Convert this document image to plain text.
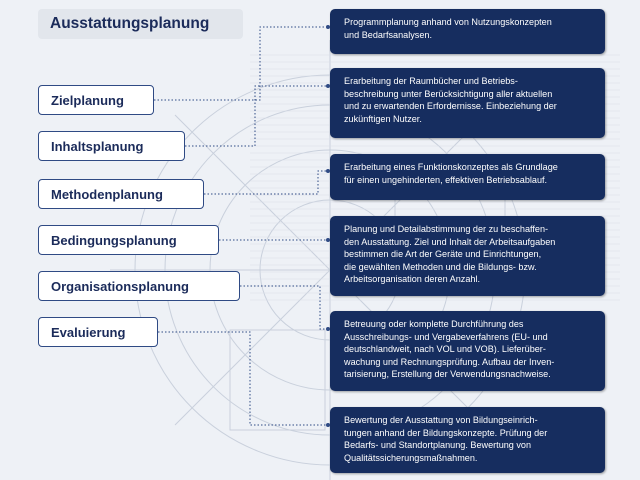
Ausstattungsplanung
Zielplanung
Inhaltsplanung
Methodenplanung
Bedingungsplanung
Organisationsplanung
Evaluierung
Programmplanung anhand von Nutzungskonzepten
und Bedarfsanalysen.
Erarbeitung der Raumbücher und Betriebs-
beschreibung unter Berücksichtigung aller aktuellen
und zu erwartenden Erfordernisse. Einbeziehung der
zukünftigen Nutzer.
Erarbeitung eines Funktionskonzeptes als Grundlage
für einen ungehinderten, effektiven Betriebsablauf.
Planung und Detailabstimmung der zu beschaffen-
den Ausstattung. Ziel und Inhalt der Arbeitsaufgaben
bestimmen die Art der Geräte und Einrichtungen,
die gewählten Methoden und die Bildungs- bzw.
Arbeitsorganisation deren Anzahl.
Betreuung oder komplette Durchführung des
Ausschreibungs- und Vergabeverfahrens (EU- und
deutschlandweit, nach VOL und VOB). Lieferüber-
wachung und Rechnungsprüfung. Aufbau der Inven-
tarisierung, Erstellung der Verwendungsnachweise.
Bewertung der Ausstattung von Bildungseinrich-
tungen anhand der Bildungskonzepte. Prüfung der
Bedarfs- und Standortplanung. Bewertung von
Qualitätssicherungsmaßnahmen.
